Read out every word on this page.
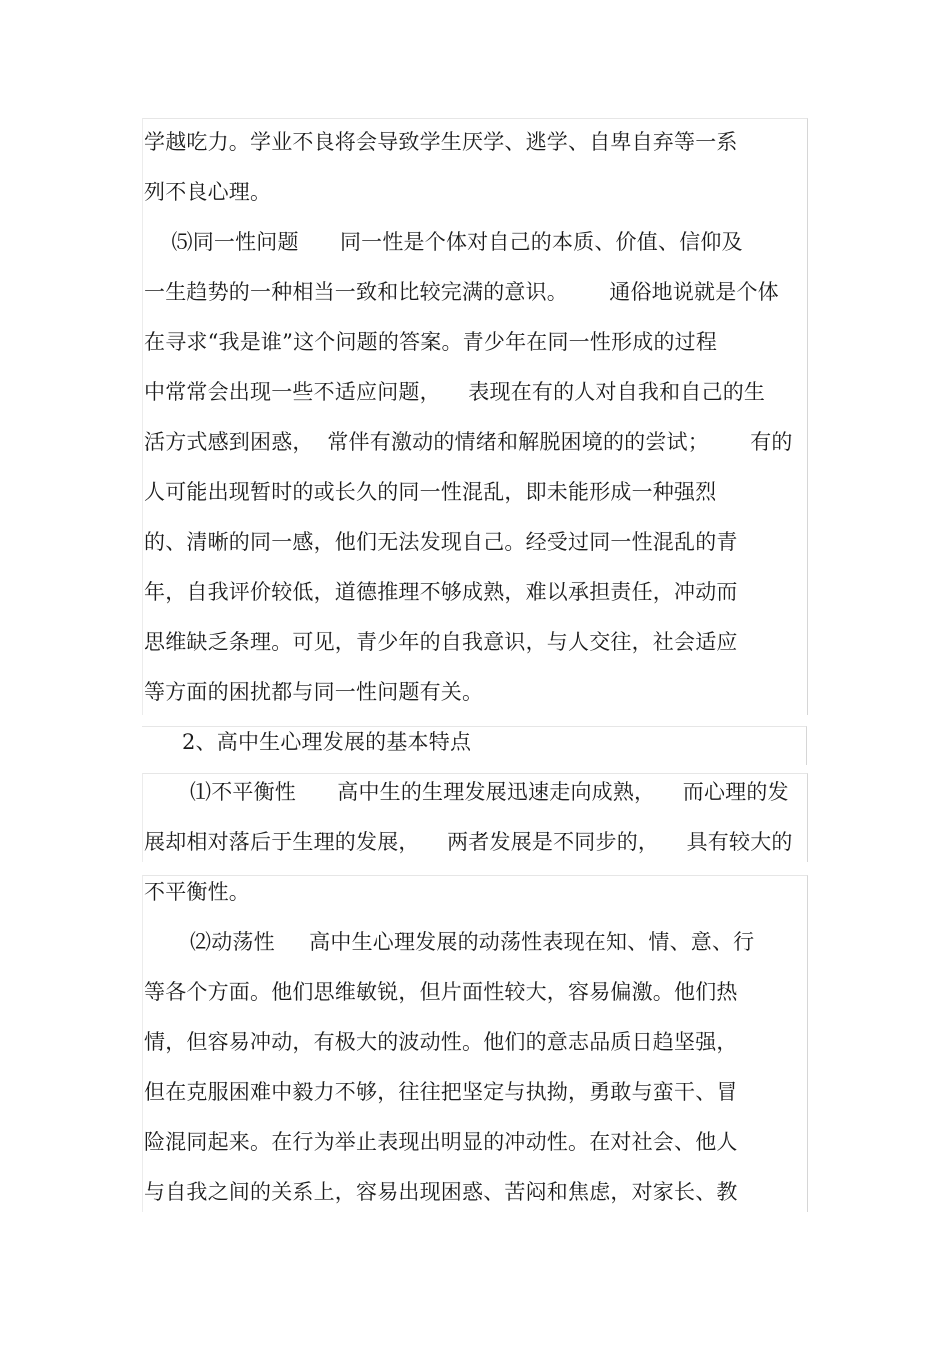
学越吃力。学业不良将会导致学生厌学、逃学、自卑自弃等一系
列不良心理。
⑸同一性问题      同一性是个体对自己的本质、价值、信仰及
一生趋势的一种相当一致和比较完满的意识。      通俗地说就是个体
在寻求“我是谁”这个问题的答案。青少年在同一性形成的过程
中常常会出现一些不适应问题，    表现在有的人对自我和自己的生
活方式感到困惑，  常伴有激动的情绪和解脱困境的的尝试；      有的
人可能出现暂时的或长久的同一性混乱，即未能形成一种强烈
的、清晰的同一感，他们无法发现自己。经受过同一性混乱的青
年，自我评价较低，道德推理不够成熟，难以承担责任，冲动而
思维缺乏条理。可见，青少年的自我意识，与人交往，社会适应
等方面的困扰都与同一性问题有关。
2、高中生心理发展的基本特点
⑴不平衡性      高中生的生理发展迅速走向成熟，    而心理的发
展却相对落后于生理的发展，    两者发展是不同步的，    具有较大的
不平衡性。
⑵动荡性     高中生心理发展的动荡性表现在知、情、意、行
等各个方面。他们思维敏锐，但片面性较大，容易偏激。他们热
情，但容易冲动，有极大的波动性。他们的意志品质日趋坚强，
但在克服困难中毅力不够，往往把坚定与执拗，勇敢与蛮干、冒
险混同起来。在行为举止表现出明显的冲动性。在对社会、他人
与自我之间的关系上，容易出现困惑、苦闷和焦虑，对家长、教
